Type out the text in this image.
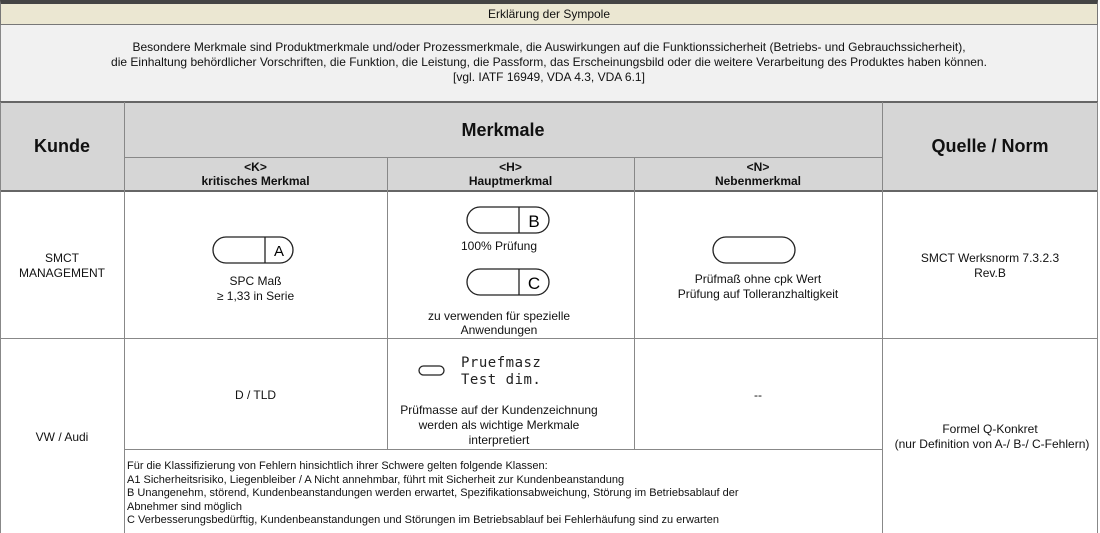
Erklärung der Sympole
Besondere Merkmale sind Produktmerkmale und/oder Prozessmerkmale, die Auswirkungen auf die Funktionssicherheit (Betriebs- und Gebrauchssicherheit),
die Einhaltung behördlicher Vorschriften, die Funktion, die Leistung, die Passform, das Erscheinungsbild oder die weitere Verarbeitung des Produktes haben können.
[vgl. IATF 16949, VDA 4.3, VDA 6.1]
Kunde
Merkmale
Quelle / Norm
<K>
kritisches Merkmal
<H>
Hauptmerkmal
<N>
Nebenmerkmal
SMCT
MANAGEMENT
A
SPC Maß
≥ 1,33 in Serie
B
100% Prüfung
C
zu verwenden für spezielle
Anwendungen
Prüfmaß ohne cpk Wert
Prüfung auf Tolleranzhaltigkeit
SMCT Werksnorm 7.3.2.3
Rev.B
VW / Audi
D / TLD
Pruefmasz
Test dim.
Prüfmasse auf der Kundenzeichnung
werden als wichtige Merkmale interpretiert
--
Formel Q-Konkret
(nur Definition von A-/ B-/ C-Fehlern)
Für die Klassifizierung von Fehlern hinsichtlich ihrer Schwere gelten folgende Klassen:
A1 Sicherheitsrisiko, Liegenbleiber / A Nicht annehmbar, führt mit Sicherheit zur Kundenbeanstandung
B Unangenehm, störend, Kundenbeanstandungen werden erwartet, Spezifikationsabweichung, Störung im Betriebsablauf der
Abnehmer sind möglich
C Verbesserungsbedürftig, Kundenbeanstandungen und Störungen im Betriebsablauf bei Fehlerhäufung sind zu erwarten
